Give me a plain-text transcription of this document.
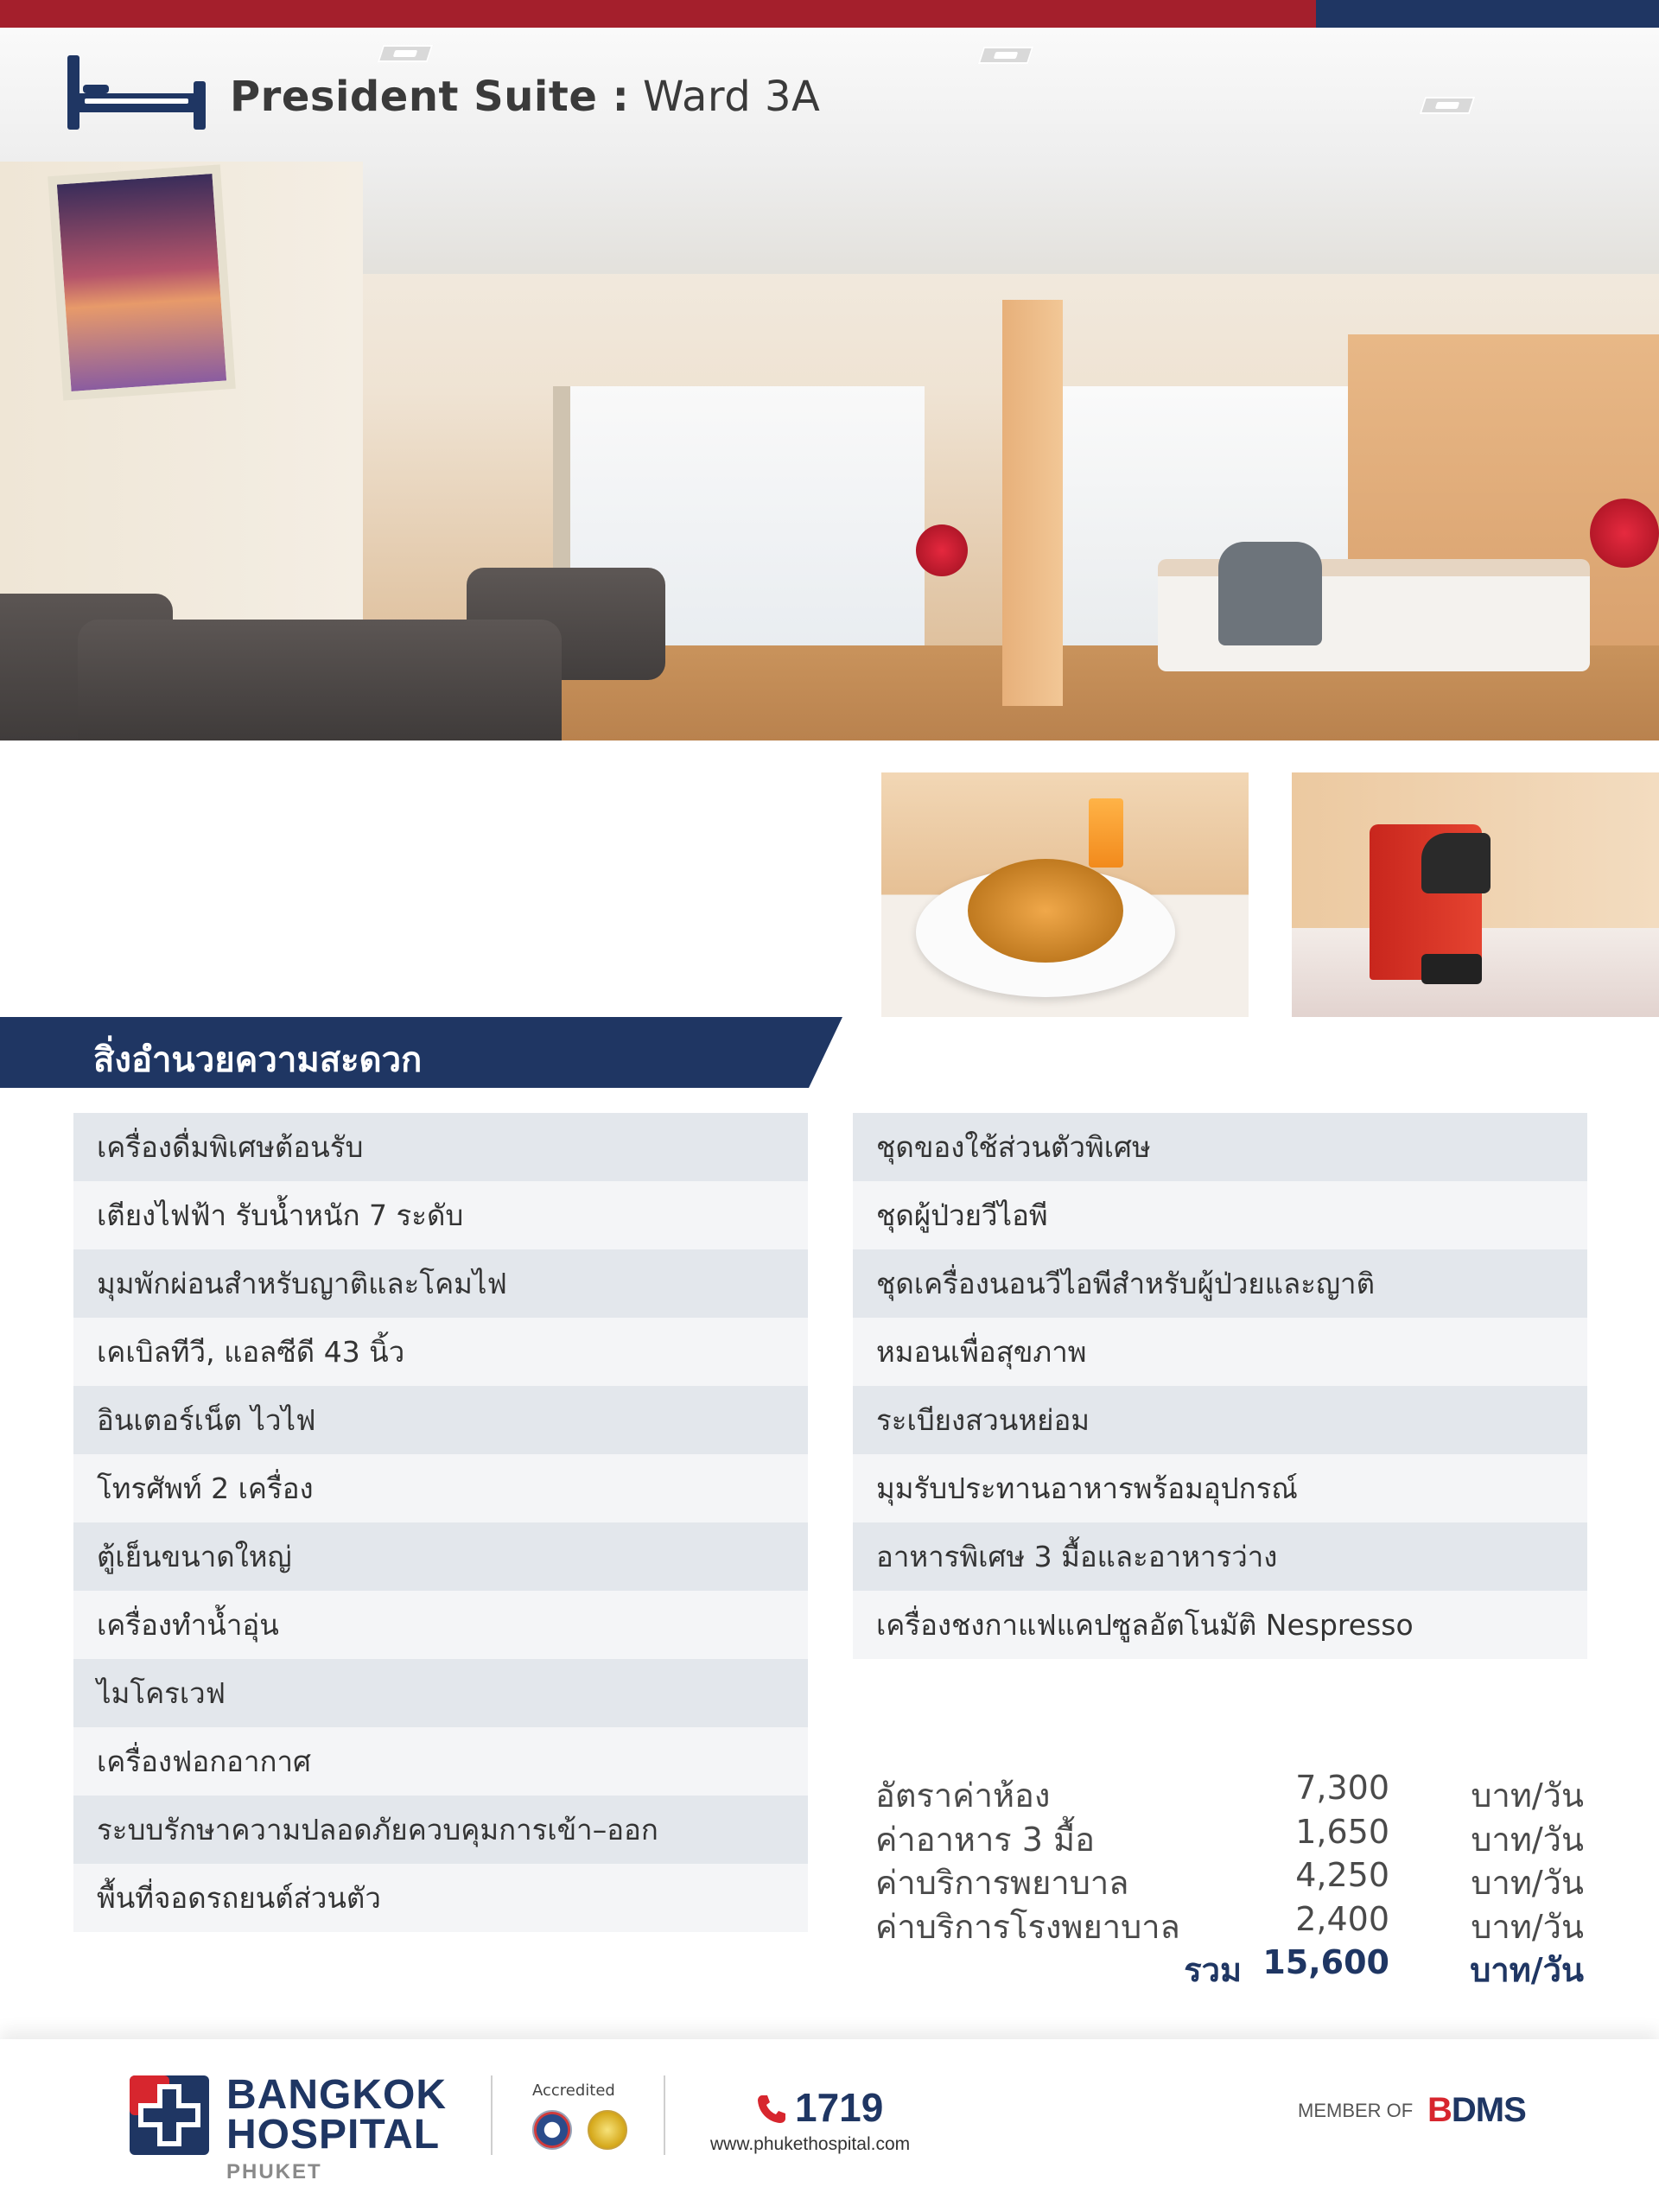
President Suite : Ward 3A
สิ่งอำนวยความสะดวก
เครื่องดื่มพิเศษต้อนรับ
เตียงไฟฟ้า รับน้ำหนัก 7 ระดับ
มุมพักผ่อนสำหรับญาติและโคมไฟ
เคเบิลทีวี, แอลซีดี 43 นิ้ว
อินเตอร์เน็ต ไวไฟ
โทรศัพท์ 2 เครื่อง
ตู้เย็นขนาดใหญ่
เครื่องทำน้ำอุ่น
ไมโครเวฟ
เครื่องฟอกอากาศ
ระบบรักษาความปลอดภัยควบคุมการเข้า–ออก
พื้นที่จอดรถยนต์ส่วนตัว
ชุดของใช้ส่วนตัวพิเศษ
ชุดผู้ป่วยวีไอพี
ชุดเครื่องนอนวีไอพีสำหรับผู้ป่วยและญาติ
หมอนเพื่อสุขภาพ
ระเบียงสวนหย่อม
มุมรับประทานอาหารพร้อมอุปกรณ์
อาหารพิเศษ 3 มื้อและอาหารว่าง
เครื่องชงกาแฟแคปซูลอัตโนมัติ Nespresso
อัตราค่าห้อง	7,300	บาท/วัน
ค่าอาหาร 3 มื้อ	1,650	บาท/วัน
ค่าบริการพยาบาล	4,250	บาท/วัน
ค่าบริการโรงพยาบาล	2,400	บาท/วัน
รวม 15,600	บาท/วัน
BANGKOK
HOSPITAL
PHUKET
Accredited	1719
www.phukethospital.com
MEMBER OF BDMS
